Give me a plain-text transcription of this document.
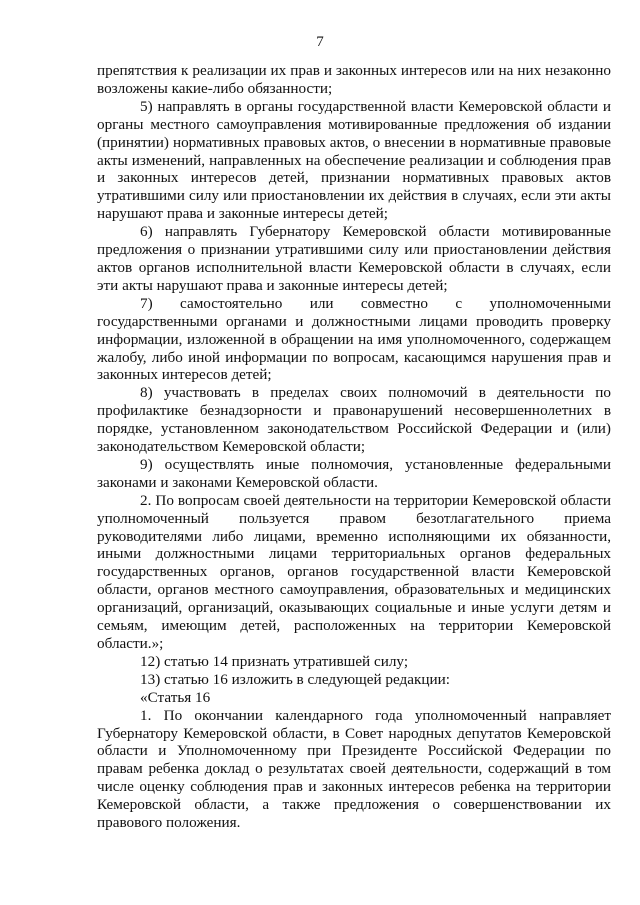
7

препятствия к реализации их прав и законных интересов или на них незаконно возложены какие-либо обязанности;

5) направлять в органы государственной власти Кемеровской области и органы местного самоуправления мотивированные предложения об издании (принятии) нормативных правовых актов, о внесении в нормативные правовые акты изменений, направленных на обеспечение реализации и соблюдения прав и законных интересов детей, признании нормативных правовых актов утратившими силу или приостановлении их действия в случаях, если эти акты нарушают права и законные интересы детей;

6) направлять Губернатору Кемеровской области мотивированные предложения о признании утратившими силу или приостановлении действия актов органов исполнительной власти Кемеровской области в случаях, если эти акты нарушают права и законные интересы детей;

7) самостоятельно или совместно с уполномоченными государственными органами и должностными лицами проводить проверку информации, изложенной в обращении на имя уполномоченного, содержащем жалобу, либо иной информации по вопросам, касающимся нарушения прав и законных интересов детей;

8) участвовать в пределах своих полномочий в деятельности по профилактике безнадзорности и правонарушений несовершеннолетних в порядке, установленном законодательством Российской Федерации и (или) законодательством Кемеровской области;

9) осуществлять иные полномочия, установленные федеральными законами и законами Кемеровской области.

2. По вопросам своей деятельности на территории Кемеровской области уполномоченный пользуется правом безотлагательного приема руководителями либо лицами, временно исполняющими их обязанности, иными должностными лицами территориальных органов федеральных государственных органов, органов государственной власти Кемеровской области, органов местного самоуправления, образовательных и медицинских организаций, организаций, оказывающих социальные и иные услуги детям и семьям, имеющим детей, расположенных на территории Кемеровской области.»;

12) статью 14 признать утратившей силу;

13) статью 16 изложить в следующей редакции:

«Статья 16

1. По окончании календарного года уполномоченный направляет Губернатору Кемеровской области, в Совет народных депутатов Кемеровской области и Уполномоченному при Президенте Российской Федерации по правам ребенка доклад о результатах своей деятельности, содержащий в том числе оценку соблюдения прав и законных интересов ребенка на территории Кемеровской области, а также предложения о совершенствовании их правового положения.
